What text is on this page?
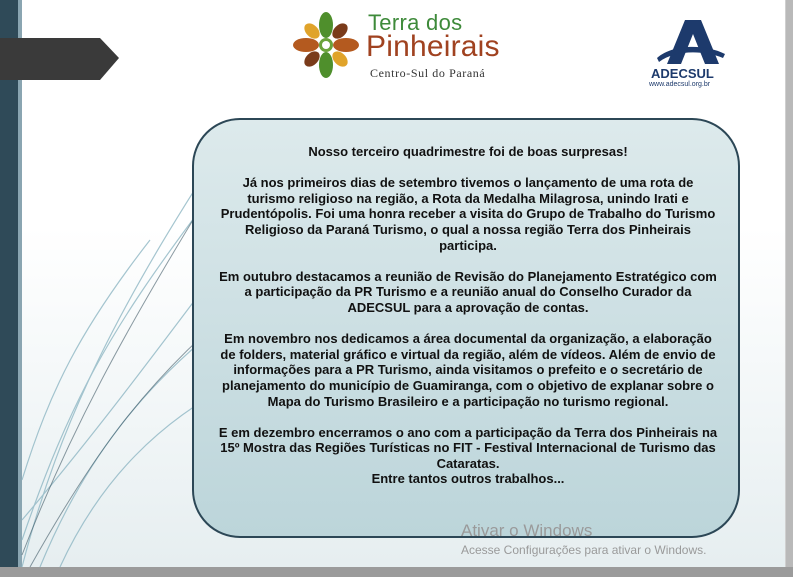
Terra dos
Pinheirais
Centro-Sul do Paraná	ADECSUL
www.adecsul.org.br

Nosso terceiro quadrimestre foi de boas surpresas!

Já nos primeiros dias de setembro tivemos o lançamento de uma rota de turismo religioso na região, a Rota da Medalha Milagrosa, unindo Irati e Prudentópolis. Foi uma honra receber a visita do Grupo de Trabalho do Turismo Religioso da Paraná Turismo, o qual a nossa região Terra dos Pinheirais participa.

Em outubro destacamos a reunião de Revisão do Planejamento Estratégico com a participação da PR Turismo e a reunião anual do Conselho Curador da ADECSUL para a aprovação de contas.

Em novembro nos dedicamos a área documental da organização, a elaboração de folders, material gráfico e virtual da região, além de vídeos. Além de envio de informações para a PR Turismo, ainda visitamos o prefeito e o secretário de planejamento do município de Guamiranga, com o objetivo de explanar sobre o Mapa do Turismo Brasileiro e a participação no turismo regional.

E em dezembro encerramos o ano com a participação da Terra dos Pinheirais na 15º Mostra das Regiões Turísticas no FIT - Festival Internacional de Turismo das Cataratas.

Entre tantos outros trabalhos...

Ativar o Windows
Acesse Configurações para ativar o Windows.
